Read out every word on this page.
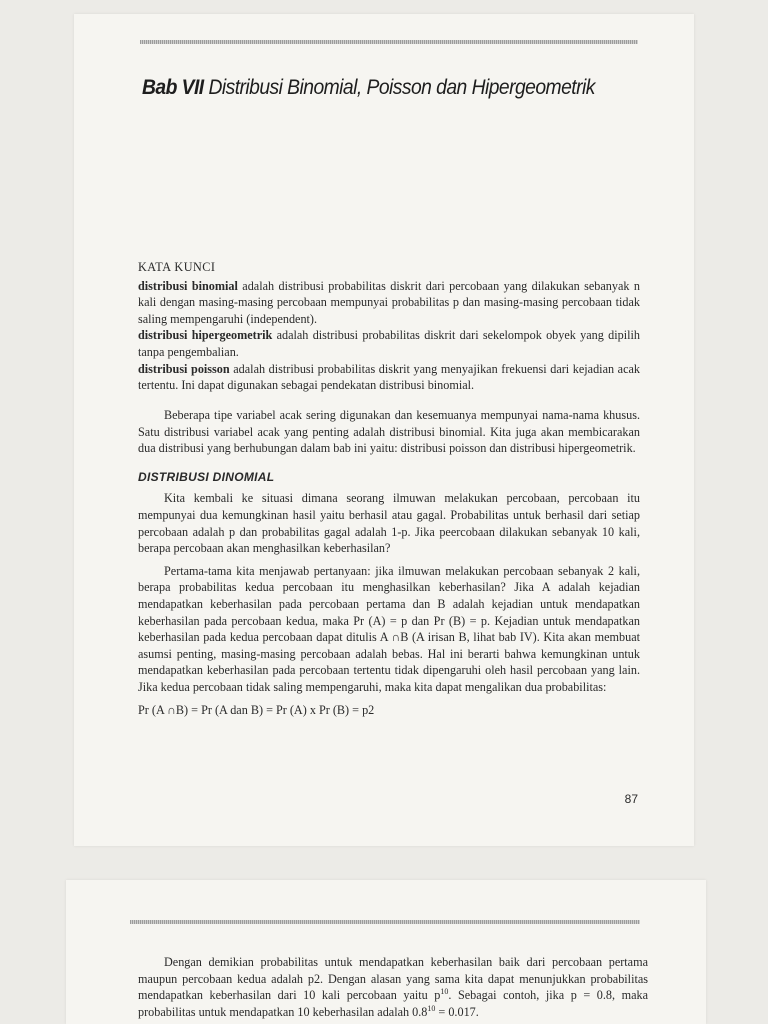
Bab VII Distribusi Binomial, Poisson dan Hipergeometrik
KATA KUNCI

distribusi binomial adalah distribusi probabilitas diskrit dari percobaan yang dilakukan sebanyak n kali dengan masing-masing percobaan mempunyai probabilitas p dan masing-masing percobaan tidak saling mempengaruhi (independent).

distribusi hipergeometrik adalah distribusi probabilitas diskrit dari sekelompok obyek yang dipilih tanpa pengembalian.

distribusi poisson adalah distribusi probabilitas diskrit yang menyajikan frekuensi dari kejadian acak tertentu. Ini dapat digunakan sebagai pendekatan distribusi binomial.

Beberapa tipe variabel acak sering digunakan dan kesemuanya mempunyai nama-nama khusus. Satu distribusi variabel acak yang penting adalah distribusi binomial. Kita juga akan membicarakan dua distribusi yang berhubungan dalam bab ini yaitu: distribusi poisson dan distribusi hipergeometrik.

DISTRIBUSI DINOMIAL

Kita kembali ke situasi dimana seorang ilmuwan melakukan percobaan, percobaan itu mempunyai dua kemungkinan hasil yaitu berhasil atau gagal. Probabilitas untuk berhasil dari setiap percobaan adalah p dan probabilitas gagal adalah 1-p. Jika peercobaan dilakukan sebanyak 10 kali, berapa percobaan akan menghasilkan keberhasilan?

Pertama-tama kita menjawab pertanyaan: jika ilmuwan melakukan percobaan sebanyak 2 kali, berapa probabilitas kedua percobaan itu menghasilkan keberhasilan? Jika A adalah kejadian mendapatkan keberhasilan pada percobaan pertama dan B adalah kejadian untuk mendapatkan keberhasilan pada percobaan kedua, maka Pr (A) = p dan Pr (B) = p. Kejadian untuk mendapatkan keberhasilan pada kedua percobaan dapat ditulis A ∩B (A irisan B, lihat bab IV). Kita akan membuat asumsi penting, masing-masing percobaan adalah bebas. Hal ini berarti bahwa kemungkinan untuk mendapatkan keberhasilan pada percobaan tertentu tidak dipengaruhi oleh hasil percobaan yang lain. Jika kedua percobaan tidak saling mempengaruhi, maka kita dapat mengalikan dua probabilitas:

Pr (A ∩B) = Pr (A dan B) = Pr (A) x Pr (B) = p2

87

Dengan demikian probabilitas untuk mendapatkan keberhasilan baik dari percobaan pertama maupun percobaan kedua adalah p2. Dengan alasan yang sama kita dapat menunjukkan probabilitas mendapatkan keberhasilan dari 10 kali percobaan yaitu $p^{10}$. Sebagai contoh, jika p = 0.8, maka probabilitas untuk mendapatkan 10 keberhasilan adalah $0.8^{10} = 0.017$.
